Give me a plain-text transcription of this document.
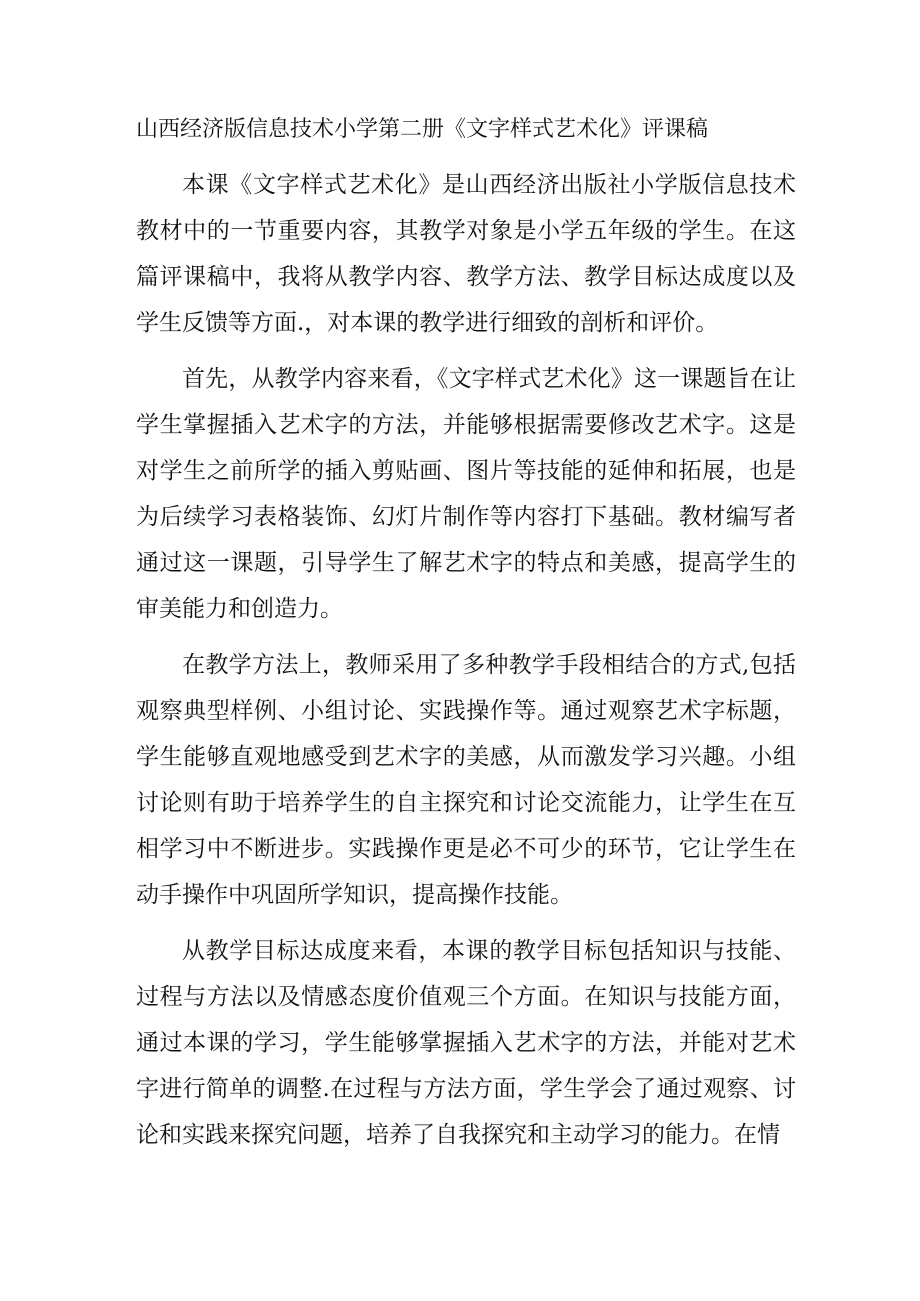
山西经济版信息技术小学第二册《文字样式艺术化》评课稿

本课《文字样式艺术化》是山西经济出版社小学版信息技术教材中的一节重要内容，其教学对象是小学五年级的学生。在这篇评课稿中，我将从教学内容、教学方法、教学目标达成度以及学生反馈等方面.，对本课的教学进行细致的剖析和评价。

首先，从教学内容来看，《文字样式艺术化》这一课题旨在让学生掌握插入艺术字的方法，并能够根据需要修改艺术字。这是对学生之前所学的插入剪贴画、图片等技能的延伸和拓展，也是为后续学习表格装饰、幻灯片制作等内容打下基础。教材编写者通过这一课题，引导学生了解艺术字的特点和美感，提高学生的审美能力和创造力。

在教学方法上，教师采用了多种教学手段相结合的方式,包括观察典型样例、小组讨论、实践操作等。通过观察艺术字标题，学生能够直观地感受到艺术字的美感，从而激发学习兴趣。小组讨论则有助于培养学生的自主探究和讨论交流能力，让学生在互相学习中不断进步。实践操作更是必不可少的环节，它让学生在动手操作中巩固所学知识，提高操作技能。

从教学目标达成度来看，本课的教学目标包括知识与技能、过程与方法以及情感态度价值观三个方面。在知识与技能方面，通过本课的学习，学生能够掌握插入艺术字的方法，并能对艺术字进行简单的调整.在过程与方法方面，学生学会了通过观察、讨论和实践来探究问题，培养了自我探究和主动学习的能力。在情
